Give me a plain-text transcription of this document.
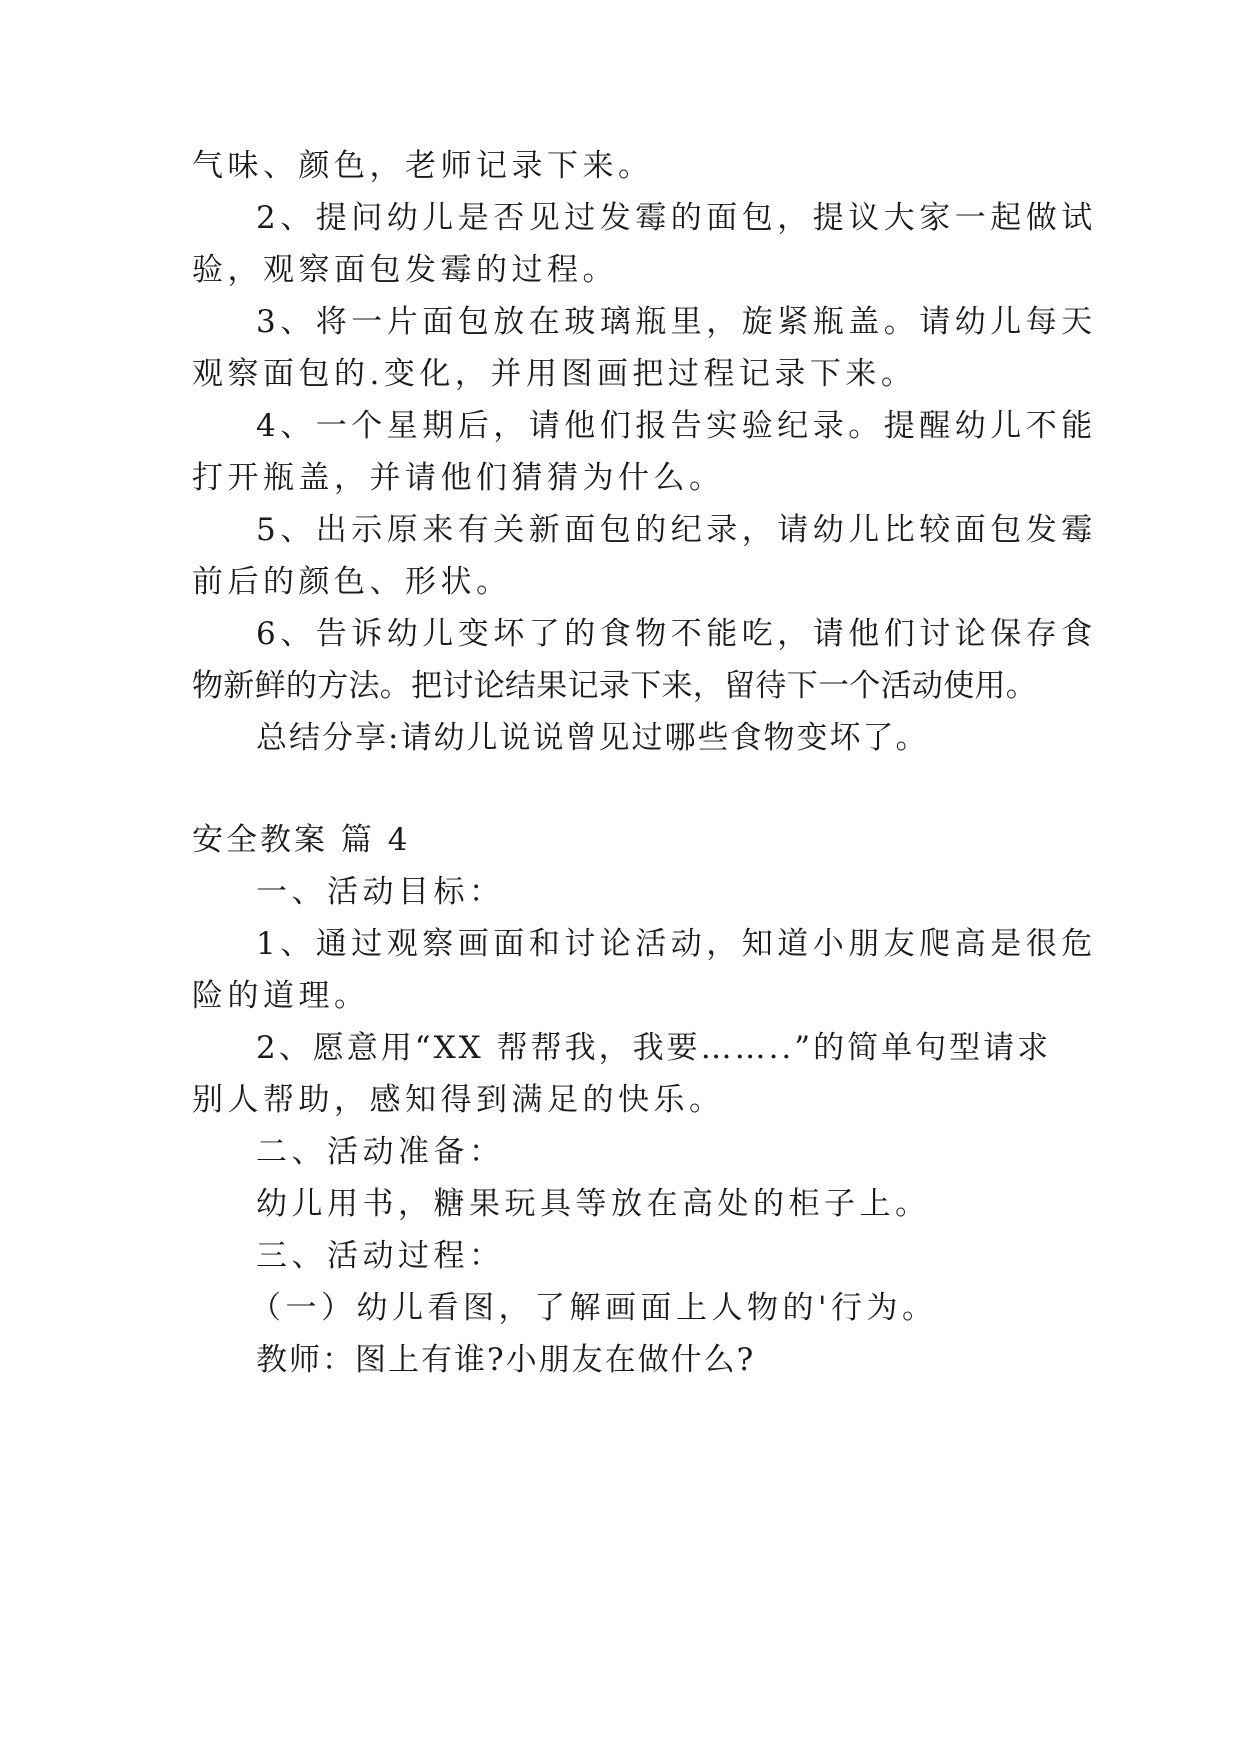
气味、颜色，老师记录下来。
2、提问幼儿是否见过发霉的面包，提议大家一起做试
验，观察面包发霉的过程。
3、将一片面包放在玻璃瓶里，旋紧瓶盖。请幼儿每天
观察面包的.变化，并用图画把过程记录下来。
4、一个星期后，请他们报告实验纪录。提醒幼儿不能
打开瓶盖，并请他们猜猜为什么。
5、出示原来有关新面包的纪录，请幼儿比较面包发霉
前后的颜色、形状。
6、告诉幼儿变坏了的食物不能吃，请他们讨论保存食
物新鲜的方法。把讨论结果记录下来，留待下一个活动使用。
总结分享:请幼儿说说曾见过哪些食物变坏了。
安全教案 篇 4
一、活动目标：
1、通过观察画面和讨论活动，知道小朋友爬高是很危
险的道理。
2、愿意用“XX 帮帮我，我要……..”的简单句型请求
别人帮助，感知得到满足的快乐。
二、活动准备：
幼儿用书，糖果玩具等放在高处的柜子上。
三、活动过程：
（一）幼儿看图，了解画面上人物的'行为。
教师：图上有谁?小朋友在做什么?
